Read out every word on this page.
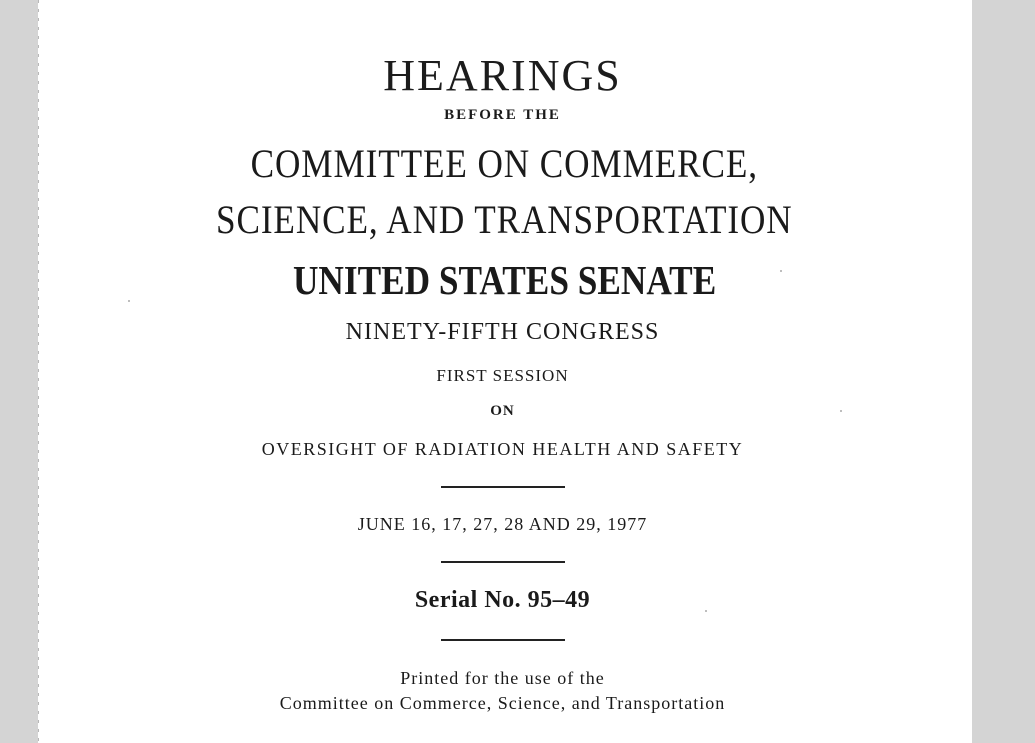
HEARINGS
BEFORE THE
COMMITTEE ON COMMERCE,
SCIENCE, AND TRANSPORTATION
UNITED STATES SENATE
NINETY-FIFTH CONGRESS
FIRST SESSION
ON
OVERSIGHT OF RADIATION HEALTH AND SAFETY
JUNE 16, 17, 27, 28 AND 29, 1977
Serial No. 95–49
Printed for the use of the
Committee on Commerce, Science, and Transportation
